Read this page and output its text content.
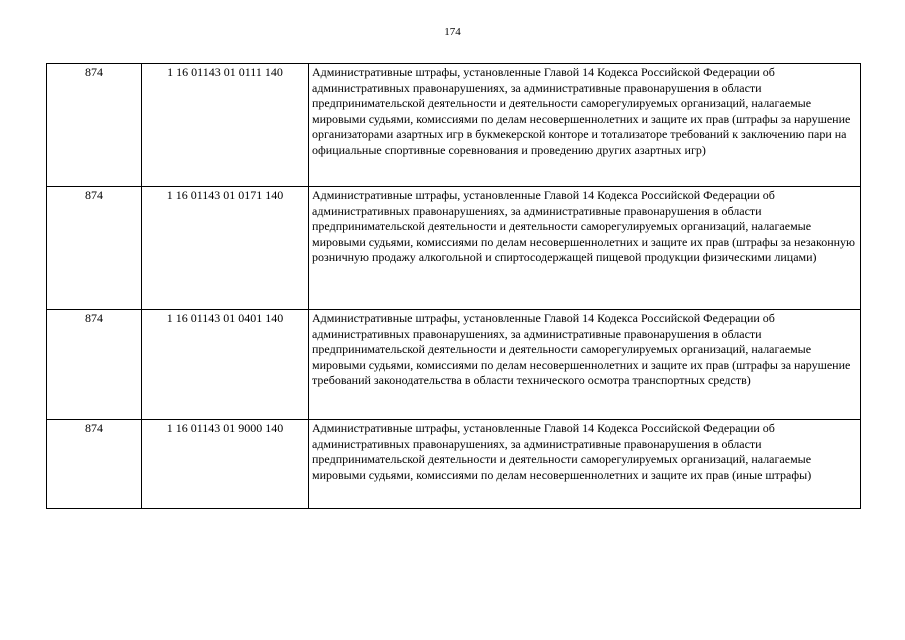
174
874	1 16 01143 01 0111 140	Административные штрафы, установленные Главой 14 Кодекса Российской Федерации об административных правонарушениях, за административные правонарушения в области предпринимательской деятельности и деятельности саморегулируемых организаций, налагаемые мировыми судьями, комиссиями по делам несовершеннолетних и защите их прав (штрафы за нарушение организаторами азартных игр в букмекерской конторе и тотализаторе требований к заключению пари на официальные спортивные соревнования и проведению других азартных игр)
874	1 16 01143 01 0171 140	Административные штрафы, установленные Главой 14 Кодекса Российской Федерации об административных правонарушениях, за административные правонарушения в области предпринимательской деятельности и деятельности саморегулируемых организаций, налагаемые мировыми судьями, комиссиями по делам несовершеннолетних и защите их прав (штрафы за незаконную розничную продажу алкогольной и спиртосодержащей пищевой продукции физическими лицами)
874	1 16 01143 01 0401 140	Административные штрафы, установленные Главой 14 Кодекса Российской Федерации об административных правонарушениях, за административные правонарушения в области предпринимательской деятельности и деятельности саморегулируемых организаций, налагаемые мировыми судьями, комиссиями по делам несовершеннолетних и защите их прав (штрафы за нарушение требований законодательства в области технического осмотра транспортных средств)
874	1 16 01143 01 9000 140	Административные штрафы, установленные Главой 14 Кодекса Российской Федерации об административных правонарушениях, за административные правонарушения в области предпринимательской деятельности и деятельности саморегулируемых организаций, налагаемые мировыми судьями, комиссиями по делам несовершеннолетних и защите их прав (иные штрафы)
